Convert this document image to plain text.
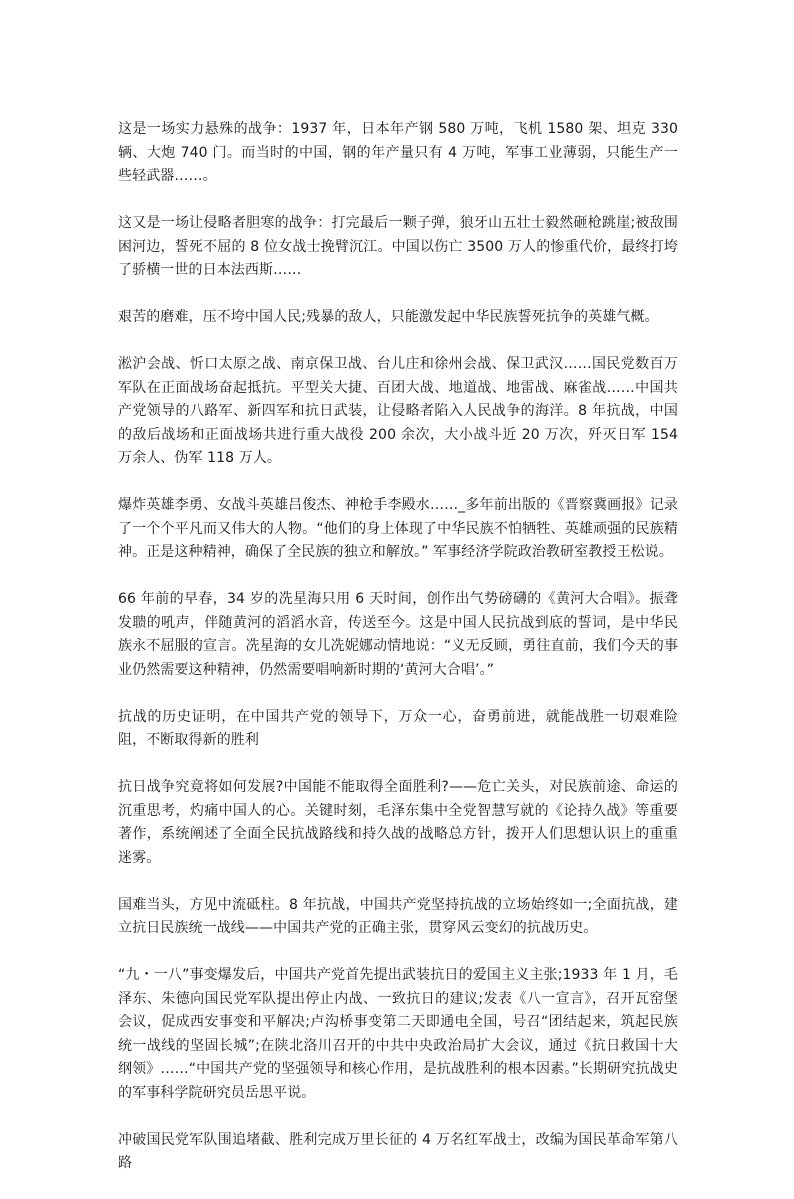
这是一场实力悬殊的战争：1937 年，日本年产钢 580 万吨，飞机 1580 架、坦克 330 辆、大炮 740 门。而当时的中国，钢的年产量只有 4 万吨，军事工业薄弱，只能生产一些轻武器……。

这又是一场让侵略者胆寒的战争：打完最后一颗子弹，狼牙山五壮士毅然砸枪跳崖;被敌围困河边，誓死不屈的 8 位女战士挽臂沉江。中国以伤亡 3500 万人的惨重代价，最终打垮了骄横一世的日本法西斯……

艰苦的磨难，压不垮中国人民;残暴的敌人，只能激发起中华民族誓死抗争的英雄气概。

淞沪会战、忻口太原之战、南京保卫战、台儿庄和徐州会战、保卫武汉……国民党数百万军队在正面战场奋起抵抗。平型关大捷、百团大战、地道战、地雷战、麻雀战……中国共产党领导的八路军、新四军和抗日武装，让侵略者陷入人民战争的海洋。8 年抗战，中国的敌后战场和正面战场共进行重大战役 200 余次，大小战斗近 20 万次，歼灭日军 154 万余人、伪军 118 万人。

爆炸英雄李勇、女战斗英雄吕俊杰、神枪手李殿水……_多年前出版的《晋察冀画报》记录了一个个平凡而又伟大的人物。“他们的身上体现了中华民族不怕牺牲、英雄顽强的民族精神。正是这种精神，确保了全民族的独立和解放。” 军事经济学院政治教研室教授王松说。

66 年前的早春，34 岁的冼星海只用 6 天时间，创作出气势磅礴的《黄河大合唱》。振聋发聩的吼声，伴随黄河的滔滔水音，传送至今。这是中国人民抗战到底的誓词，是中华民族永不屈服的宣言。冼星海的女儿冼妮娜动情地说：“义无反顾，勇往直前，我们今天的事业仍然需要这种精神，仍然需要唱响新时期的‘黄河大合唱’。”

抗战的历史证明，在中国共产党的领导下，万众一心，奋勇前进，就能战胜一切艰难险阻，不断取得新的胜利

抗日战争究竟将如何发展?中国能不能取得全面胜利?——危亡关头，对民族前途、命运的沉重思考，灼痛中国人的心。关键时刻，毛泽东集中全党智慧写就的《论持久战》等重要著作，系统阐述了全面全民抗战路线和持久战的战略总方针，拨开人们思想认识上的重重迷雾。

国难当头，方见中流砥柱。8 年抗战，中国共产党坚持抗战的立场始终如一;全面抗战，建立抗日民族统一战线——中国共产党的正确主张，贯穿风云变幻的抗战历史。

“九・一八”事变爆发后，中国共产党首先提出武装抗日的爱国主义主张;1933 年 1 月，毛泽东、朱德向国民党军队提出停止内战、一致抗日的建议;发表《八一宣言》，召开瓦窑堡会议，促成西安事变和平解决;卢沟桥事变第二天即通电全国，号召“团结起来，筑起民族统一战线的坚固长城”;在陕北洛川召开的中共中央政治局扩大会议，通过《抗日救国十大纲领》……“中国共产党的坚强领导和核心作用，是抗战胜利的根本因素。”长期研究抗战史的军事科学院研究员岳思平说。

冲破国民党军队围追堵截、胜利完成万里长征的 4 万名红军战士，改编为国民革命军第八路
